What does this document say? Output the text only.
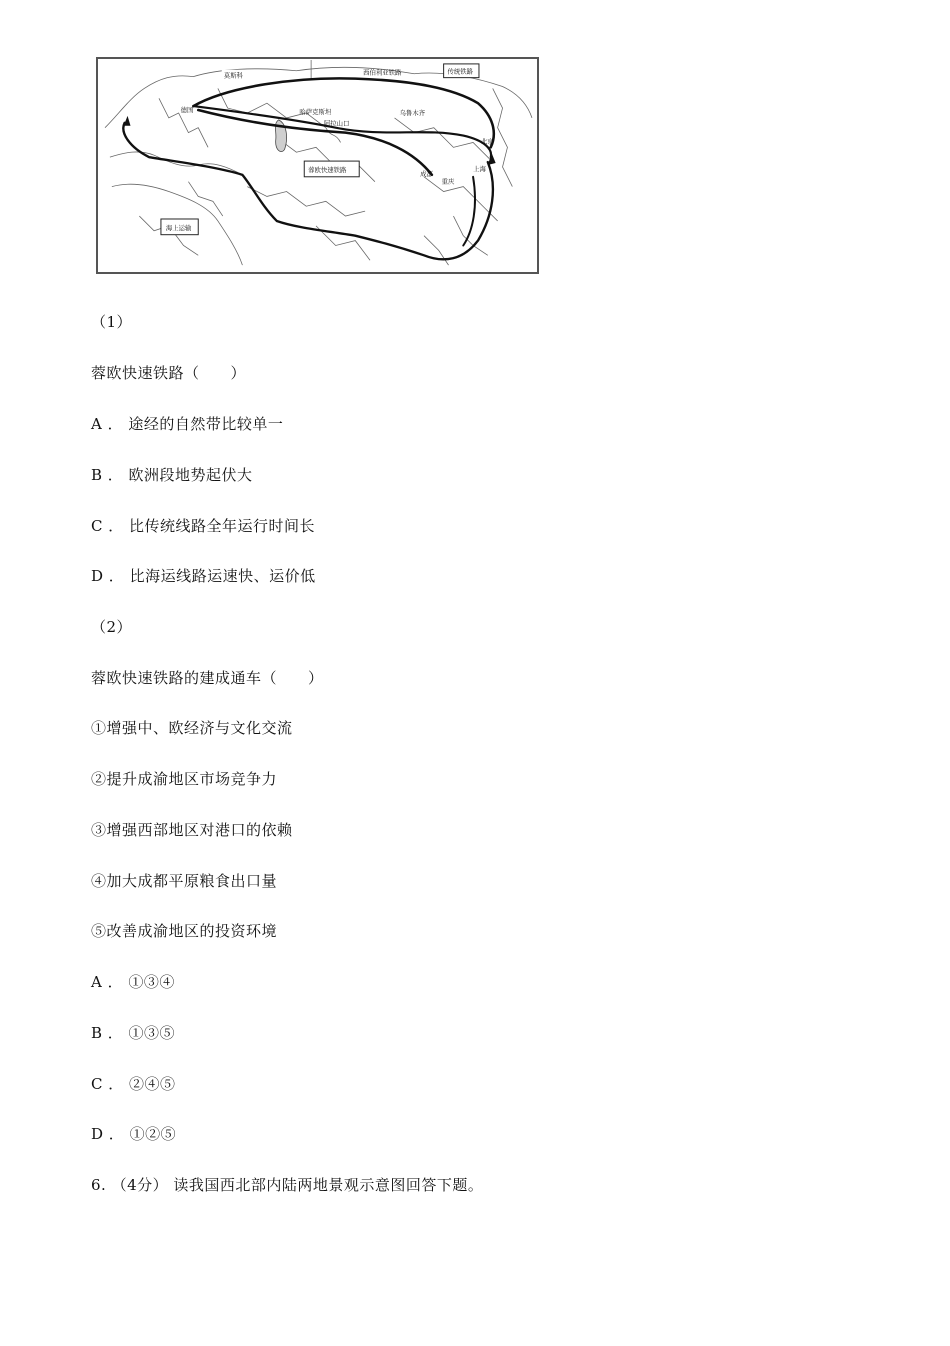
莫斯科	西伯利亚铁路	传统铁路
德国	哈萨克斯坦
阿拉山口
乌鲁木齐
北京
蓉欧快速铁路	成都
重庆
上海
海上运输
（1）
蓉欧快速铁路（　　）
A ． 途经的自然带比较单一
B ． 欧洲段地势起伏大
C ． 比传统线路全年运行时间长
D ． 比海运线路运速快、运价低
（2）
蓉欧快速铁路的建成通车（　　）
①增强中、欧经济与文化交流
②提升成渝地区市场竞争力
③增强西部地区对港口的依赖
④加大成都平原粮食出口量
⑤改善成渝地区的投资环境
A ． ①③④
B ． ①③⑤
C ． ②④⑤
D ． ①②⑤
6. （4分） 读我国西北部内陆两地景观示意图回答下题。
